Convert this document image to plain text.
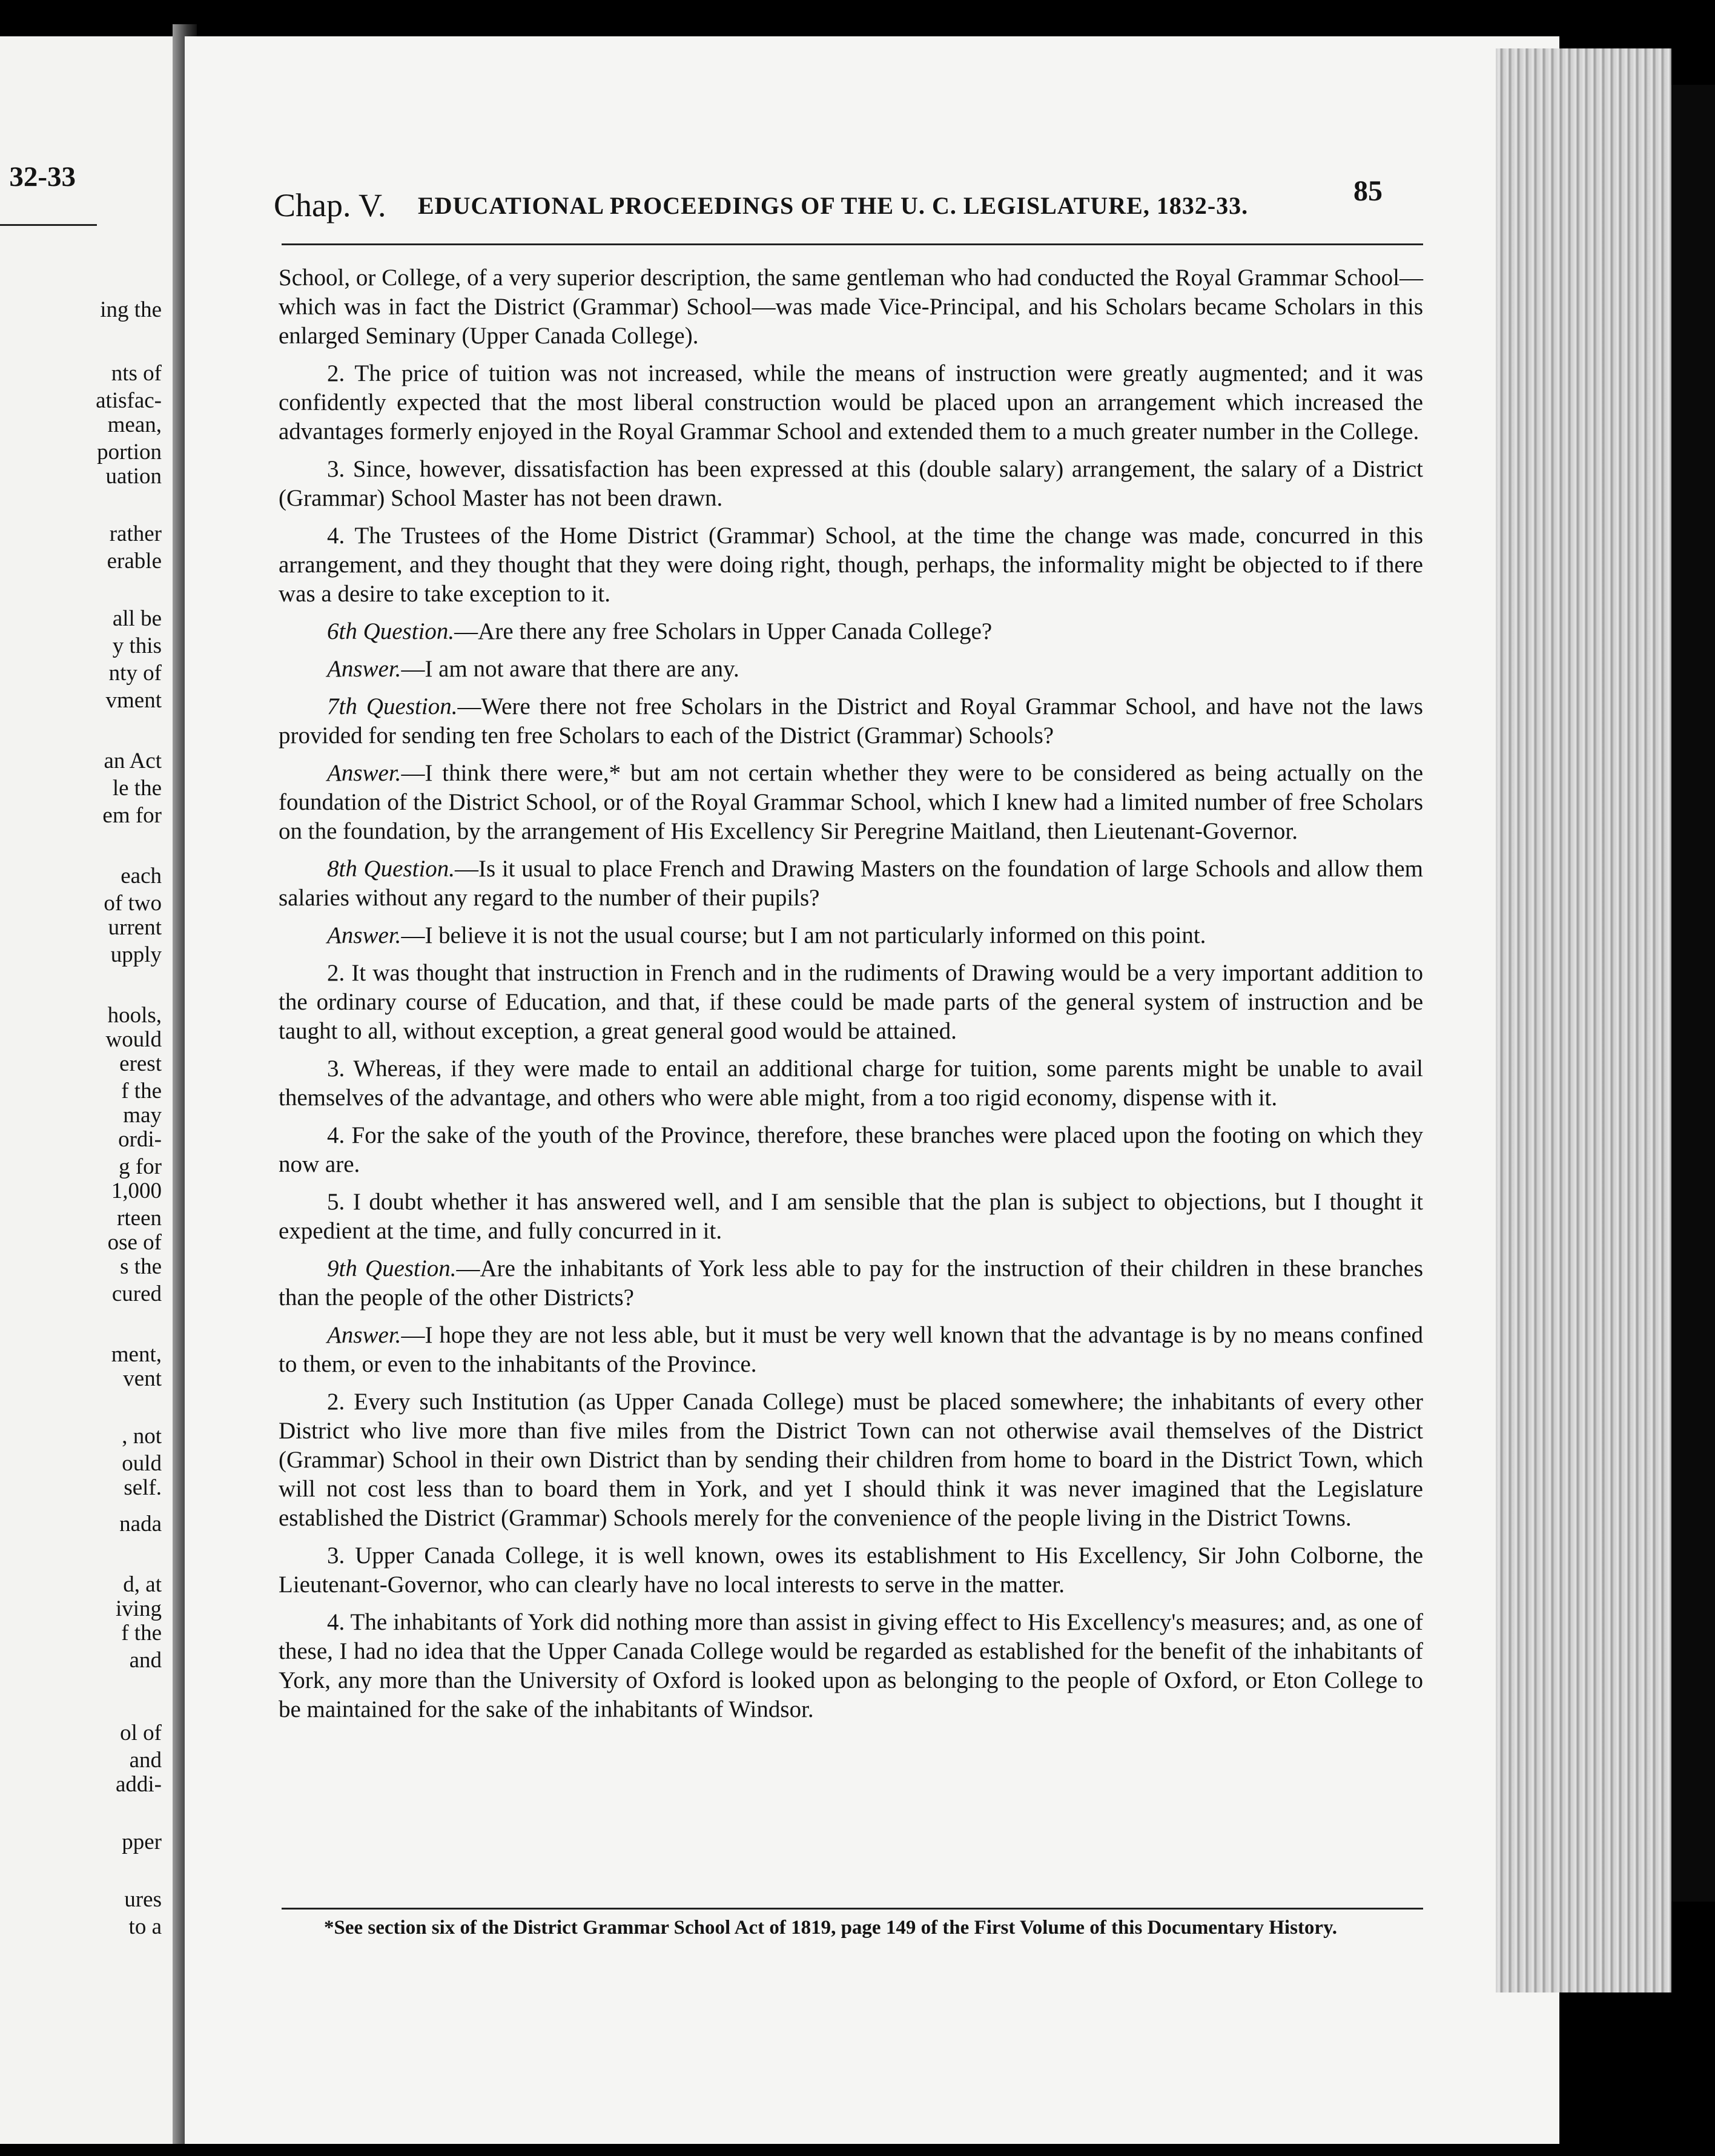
32-33
ing the
nts of
atisfac-
mean,
portion
uation
rather
erable
all be
y this
nty of
vment
an Act
le the
em for
each
of two
urrent
upply
hools,
would
erest
f the
may
ordi-
g for
1,000
rteen
ose of
s the
cured
ment,
vent
, not
ould
self.
nada
d, at
iving
f the
and
ol of
and
addi-
pper
ures
to a
Chap. V. EDUCATIONAL PROCEEDINGS OF THE U. C. LEGISLATURE, 1832-33.	85

School, or College, of a very superior description, the same gentleman who had conducted the Royal Grammar School—which was in fact the District (Grammar) School—was made Vice-Principal, and his Scholars became Scholars in this enlarged Seminary (Upper Canada College).

2. The price of tuition was not increased, while the means of instruction were greatly augmented; and it was confidently expected that the most liberal construction would be placed upon an arrangement which increased the advantages formerly enjoyed in the Royal Grammar School and extended them to a much greater number in the College.

3. Since, however, dissatisfaction has been expressed at this (double salary) arrangement, the salary of a District (Grammar) School Master has not been drawn.

4. The Trustees of the Home District (Grammar) School, at the time the change was made, concurred in this arrangement, and they thought that they were doing right, though, perhaps, the informality might be objected to if there was a desire to take exception to it.

6th Question.—Are there any free Scholars in Upper Canada College?

Answer.—I am not aware that there are any.

7th Question.—Were there not free Scholars in the District and Royal Grammar School, and have not the laws provided for sending ten free Scholars to each of the District (Grammar) Schools?

Answer.—I think there were,* but am not certain whether they were to be considered as being actually on the foundation of the District School, or of the Royal Grammar School, which I knew had a limited number of free Scholars on the foundation, by the arrangement of His Excellency Sir Peregrine Maitland, then Lieutenant-Governor.

8th Question.—Is it usual to place French and Drawing Masters on the foundation of large Schools and allow them salaries without any regard to the number of their pupils?

Answer.—I believe it is not the usual course; but I am not particularly informed on this point.

2. It was thought that instruction in French and in the rudiments of Drawing would be a very important addition to the ordinary course of Education, and that, if these could be made parts of the general system of instruction and be taught to all, without exception, a great general good would be attained.

3. Whereas, if they were made to entail an additional charge for tuition, some parents might be unable to avail themselves of the advantage, and others who were able might, from a too rigid economy, dispense with it.

4. For the sake of the youth of the Province, therefore, these branches were placed upon the footing on which they now are.

5. I doubt whether it has answered well, and I am sensible that the plan is subject to objections, but I thought it expedient at the time, and fully concurred in it.

9th Question.—Are the inhabitants of York less able to pay for the instruction of their children in these branches than the people of the other Districts?

Answer.—I hope they are not less able, but it must be very well known that the advantage is by no means confined to them, or even to the inhabitants of the Province.

2. Every such Institution (as Upper Canada College) must be placed somewhere; the inhabitants of every other District who live more than five miles from the District Town can not otherwise avail themselves of the District (Grammar) School in their own District than by sending their children from home to board in the District Town, which will not cost less than to board them in York, and yet I should think it was never imagined that the Legislature established the District (Grammar) Schools merely for the convenience of the people living in the District Towns.

3. Upper Canada College, it is well known, owes its establishment to His Excellency, Sir John Colborne, the Lieutenant-Governor, who can clearly have no local interests to serve in the matter.

4. The inhabitants of York did nothing more than assist in giving effect to His Excellency's measures; and, as one of these, I had no idea that the Upper Canada College would be regarded as established for the benefit of the inhabitants of York, any more than the University of Oxford is looked upon as belonging to the people of Oxford, or Eton College to be maintained for the sake of the inhabitants of Windsor.

*See section six of the District Grammar School Act of 1819, page 149 of the First Volume of this Documentary History.
